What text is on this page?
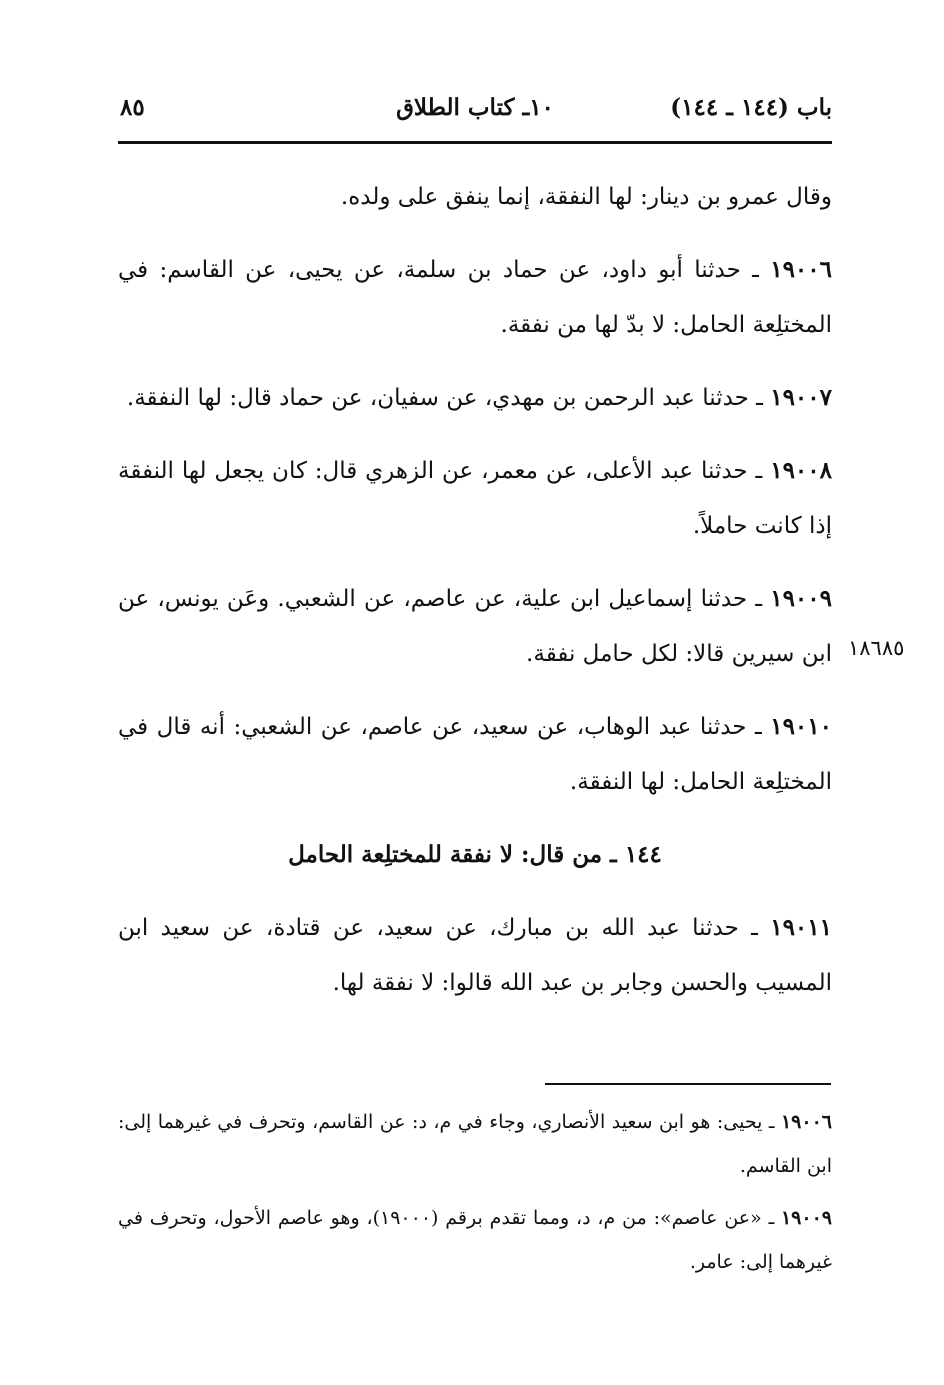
باب (١٤٤ ـ ١٤٤)
١٠ـ كتاب الطلاق
٨٥
١٨٦٨٥

وقال عمرو بن دينار: لها النفقة، إنما ينفق على ولده.

١٩٠٠٦ ـ حدثنا أبو داود، عن حماد بن سلمة، عن يحيى، عن القاسم: في المختلِعة الحامل: لا بدّ لها من نفقة.

١٩٠٠٧ ـ حدثنا عبد الرحمن بن مهدي، عن سفيان، عن حماد قال: لها النفقة.

١٩٠٠٨ ـ حدثنا عبد الأعلى، عن معمر، عن الزهري قال: كان يجعل لها النفقة إذا كانت حاملاً.

١٩٠٠٩ ـ حدثنا إسماعيل ابن علية، عن عاصم، عن الشعبي. وعَن يونس، عن ابن سيرين قالا: لكل حامل نفقة.

١٩٠١٠ ـ حدثنا عبد الوهاب، عن سعيد، عن عاصم، عن الشعبي: أنه قال في المختلِعة الحامل: لها النفقة.

١٤٤ ـ من قال: لا نفقة للمختلِعة الحامل

١٩٠١١ ـ حدثنا عبد الله بن مبارك، عن سعيد، عن قتادة، عن سعيد ابن المسيب والحسن وجابر بن عبد الله قالوا: لا نفقة لها.

١٩٠٠٦ ـ يحيى: هو ابن سعيد الأنصاري، وجاء في م، د: عن القاسم، وتحرف في غيرهما إلى: ابن القاسم.

١٩٠٠٩ ـ «عن عاصم»: من م، د، ومما تقدم برقم (١٩٠٠٠)، وهو عاصم الأحول، وتحرف في غيرهما إلى: عامر.
